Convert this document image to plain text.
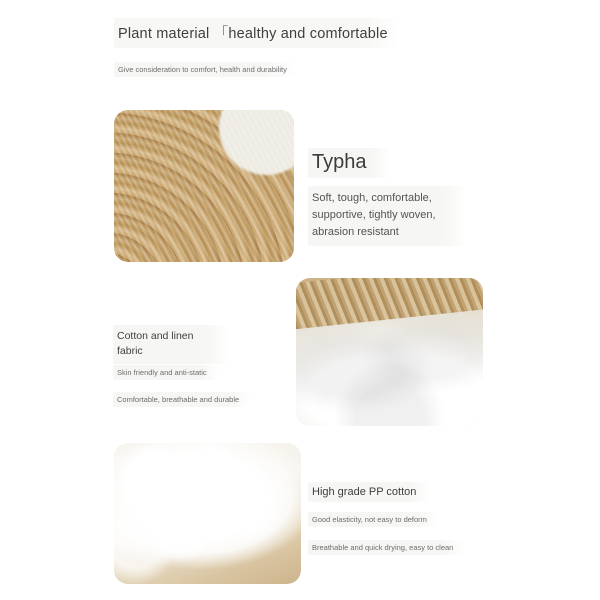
Plant material 「healthy and comfortable
Give consideration to comfort, health and durability
Typha
Soft, tough, comfortable, supportive, tightly woven, abrasion resistant
Cotton and linen fabric
Skin friendly and anti-static
Comfortable, breathable and durable
High grade PP cotton
Good elasticity, not easy to deform
Breathable and quick drying, easy to clean
